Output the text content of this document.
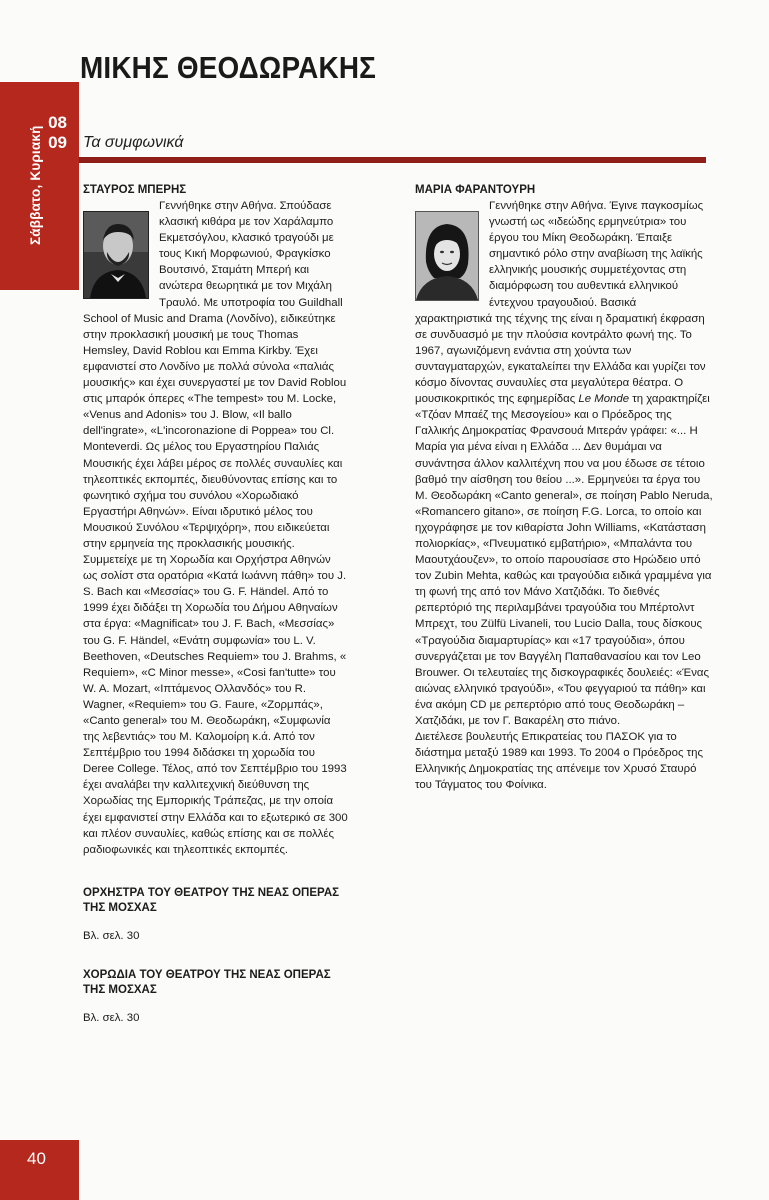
ΜΙΚΗΣ ΘΕΟΔΩΡΑΚΗΣ
08
09 Τα συμφωνικά
Σάββατο, Κυριακή	ΣΤΑΥΡΟΣ ΜΠΕΡΗΣ

Γεννήθηκε στην Αθήνα. Σπούδασε κλασική κιθάρα με τον Χαράλαμπο Εκμετσόγλου, κλασικό τραγούδι με τους Κική Μορφωνιού, Φραγκίσκο Βουτσινό, Σταμάτη Μπερή και ανώτερα θεωρητικά με τον Μιχάλη Τραυλό. Με υποτροφία του Guildhall School of Music and Drama (Λονδίνο), ειδικεύτηκε στην προκλασική μουσική με τους Thomas Hemsley, David Roblou και Emma Kirkby. Έχει εμφανιστεί στο Λονδίνο με πολλά σύνολα «παλιάς μουσικής» και έχει συνεργαστεί με τον David Roblou στις μπαρόκ όπερες «The tempest» του M. Locke, «Venus and Adonis» του J. Blow, «Il ballo dell'ingrate», «L'incoronazione di Poppea» του Cl. Monteverdi. Ως μέλος του Εργαστηρίου Παλιάς Μουσικής έχει λάβει μέρος σε πολλές συναυλίες και τηλεοπτικές εκπομπές, διευθύνοντας επίσης και το φωνητικό σχήμα του συνόλου «Χορωδιακό Εργαστήρι Αθηνών». Είναι ιδρυτικό μέλος του Μουσικού Συνόλου «Τερψιχόρη», που ειδικεύεται στην ερμηνεία της προκλασικής μουσικής. Συμμετείχε με τη Χορωδία και Ορχήστρα Αθηνών ως σολίστ στα ορατόρια «Κατά Ιωάννη πάθη» του J. S. Bach και «Μεσσίας» του G. F. Händel. Από το 1999 έχει διδάξει τη Χορωδία του Δήμου Αθηναίων στα έργα: «Magnificat» του J. F. Bach, «Μεσσίας» του G. F. Händel, «Ενάτη συμφωνία» του L. V. Beethoven, «Deutsches Requiem» του J. Brahms, « Requiem», «C Minor messe», «Cosi fan'tutte» του W. A. Mozart, «Ιπτάμενος Ολλανδός» του R. Wagner, «Requiem» του G. Faure, «Ζορμπάς», «Canto general» του Μ. Θεοδωράκη, «Συμφωνία της λεβεντιάς» του Μ. Καλομοίρη κ.ά. Από τον Σεπτέμβριο του 1994 διδάσκει τη χορωδία του Deree College. Τέλος, από τον Σεπτέμβριο του 1993 έχει αναλάβει την καλλιτεχνική διεύθυνση της Χορωδίας της Εμπορικής Τράπεζας, με την οποία έχει εμφανιστεί στην Ελλάδα και το εξωτερικό σε 300 και πλέον συναυλίες, καθώς επίσης και σε πολλές ραδιοφωνικές και τηλεοπτικές εκπομπές.

ΟΡΧΗΣΤΡΑ ΤΟΥ ΘΕΑΤΡΟΥ ΤΗΣ ΝΕΑΣ ΟΠΕΡΑΣ ΤΗΣ ΜΟΣΧΑΣ

Βλ. σελ. 30

ΧΟΡΩΔΙΑ ΤΟΥ ΘΕΑΤΡΟΥ ΤΗΣ ΝΕΑΣ ΟΠΕΡΑΣ ΤΗΣ ΜΟΣΧΑΣ

Βλ. σελ. 30

ΜΑΡΙΑ ΦΑΡΑΝΤΟΥΡΗ

Γεννήθηκε στην Αθήνα. Έγινε παγκοσμίως γνωστή ως «ιδεώδης ερμηνεύτρια» του έργου του Μίκη Θεοδωράκη. Έπαιξε σημαντικό ρόλο στην αναβίωση της λαϊκής ελληνικής μουσικής συμμετέχοντας στη διαμόρφωση του αυθεντικά ελληνικού έντεχνου τραγουδιού. Βασικά χαρακτηριστικά της τέχνης της είναι η δραματική έκφραση σε συνδυασμό με την πλούσια κοντράλτο φωνή της. Το 1967, αγωνιζόμενη ενάντια στη χούντα των συνταγματαρχών, εγκαταλείπει την Ελλάδα και γυρίζει τον κόσμο δίνοντας συναυλίες στα μεγαλύτερα θέατρα. Ο μουσικοκριτικός της εφημερίδας Le Monde τη χαρακτηρίζει «Τζόαν Μπαέζ της Μεσογείου» και ο Πρόεδρος της Γαλλικής Δημοκρατίας Φρανσουά Μιτεράν γράφει: «... Η Μαρία για μένα είναι η Ελλάδα ... Δεν θυμάμαι να συνάντησα άλλον καλλιτέχνη που να μου έδωσε σε τέτοιο βαθμό την αίσθηση του θείου ...». Ερμηνεύει τα έργα του Μ. Θεοδωράκη «Canto general», σε ποίηση Pablo Neruda, «Romancero gitano», σε ποίηση F.G. Lorca, το οποίο και ηχογράφησε με τον κιθαρίστα John Williams, «Κατάσταση πολιορκίας», «Πνευματικό εμβατήριο», «Μπαλάντα του Μαουτχάουζεν», το οποίο παρουσίασε στο Ηρώδειο υπό τον Zubin Mehta, καθώς και τραγούδια ειδικά γραμμένα για τη φωνή της από τον Μάνο Χατζιδάκι. Το διεθνές ρεπερτόριό της περιλαμβάνει τραγούδια του Μπέρτολντ Μπρεχτ, του Zülfü Livaneli, του Lucio Dalla, τους δίσκους «Τραγούδια διαμαρτυρίας» και «17 τραγούδια», όπου συνεργάζεται με τον Βαγγέλη Παπαθανασίου και τον Leo Brouwer. Οι τελευταίες της δισκογραφικές δουλειές: «Ένας αιώνας ελληνικό τραγούδι», «Του φεγγαριού τα πάθη» και ένα ακόμη CD με ρεπερτόριο από τους Θεοδωράκη – Χατζιδάκι, με τον Γ. Βακαρέλη στο πιάνο.

Διετέλεσε βουλευτής Επικρατείας του ΠΑΣΟΚ για το διάστημα μεταξύ 1989 και 1993. Το 2004 ο Πρόεδρος της Ελληνικής Δημοκρατίας της απένειμε τον Χρυσό Σταυρό του Τάγματος του Φοίνικα.

40
